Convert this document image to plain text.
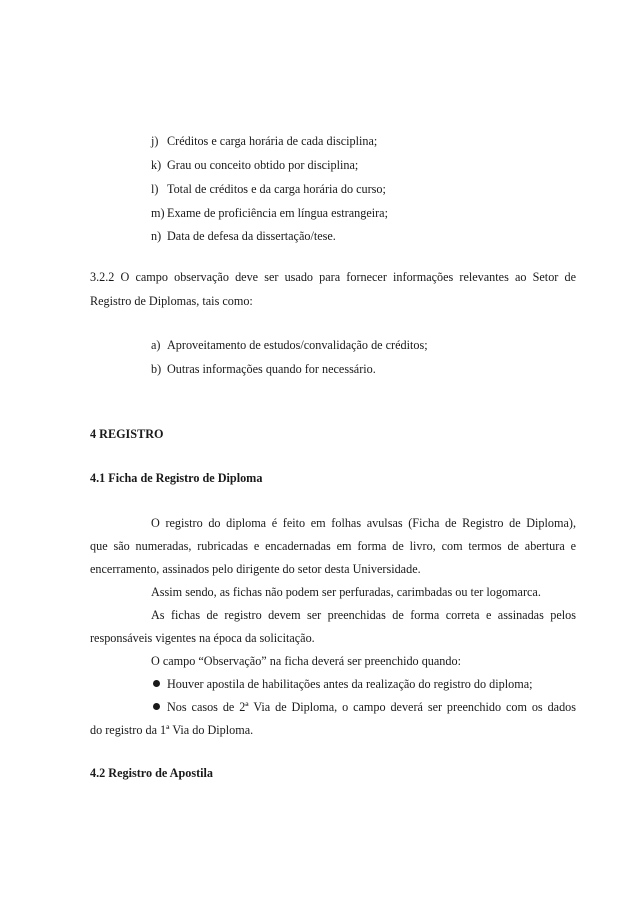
j) Créditos e carga horária de cada disciplina;
k) Grau ou conceito obtido por disciplina;
l) Total de créditos e da carga horária do curso;
m) Exame de proficiência em língua estrangeira;
n) Data de defesa da dissertação/tese.
3.2.2 O campo observação deve ser usado para fornecer informações relevantes ao Setor de
Registro de Diplomas, tais como:
a) Aproveitamento de estudos/convalidação de créditos;
b) Outras informações quando for necessário.
4 REGISTRO
4.1 Ficha de Registro de Diploma
O registro do diploma é feito em folhas avulsas (Ficha de Registro de Diploma),
que são numeradas, rubricadas e encadernadas em forma de livro, com termos de abertura e
encerramento, assinados pelo dirigente do setor desta Universidade.
Assim sendo, as fichas não podem ser perfuradas, carimbadas ou ter logomarca.
As fichas de registro devem ser preenchidas de forma correta e assinadas pelos
responsáveis vigentes na época da solicitação.
O campo “Observação” na ficha deverá ser preenchido quando:
Houver apostila de habilitações antes da realização do registro do diploma;
Nos casos de 2ª Via de Diploma, o campo deverá ser preenchido com os dados
do registro da 1ª Via do Diploma.
4.2 Registro de Apostila
